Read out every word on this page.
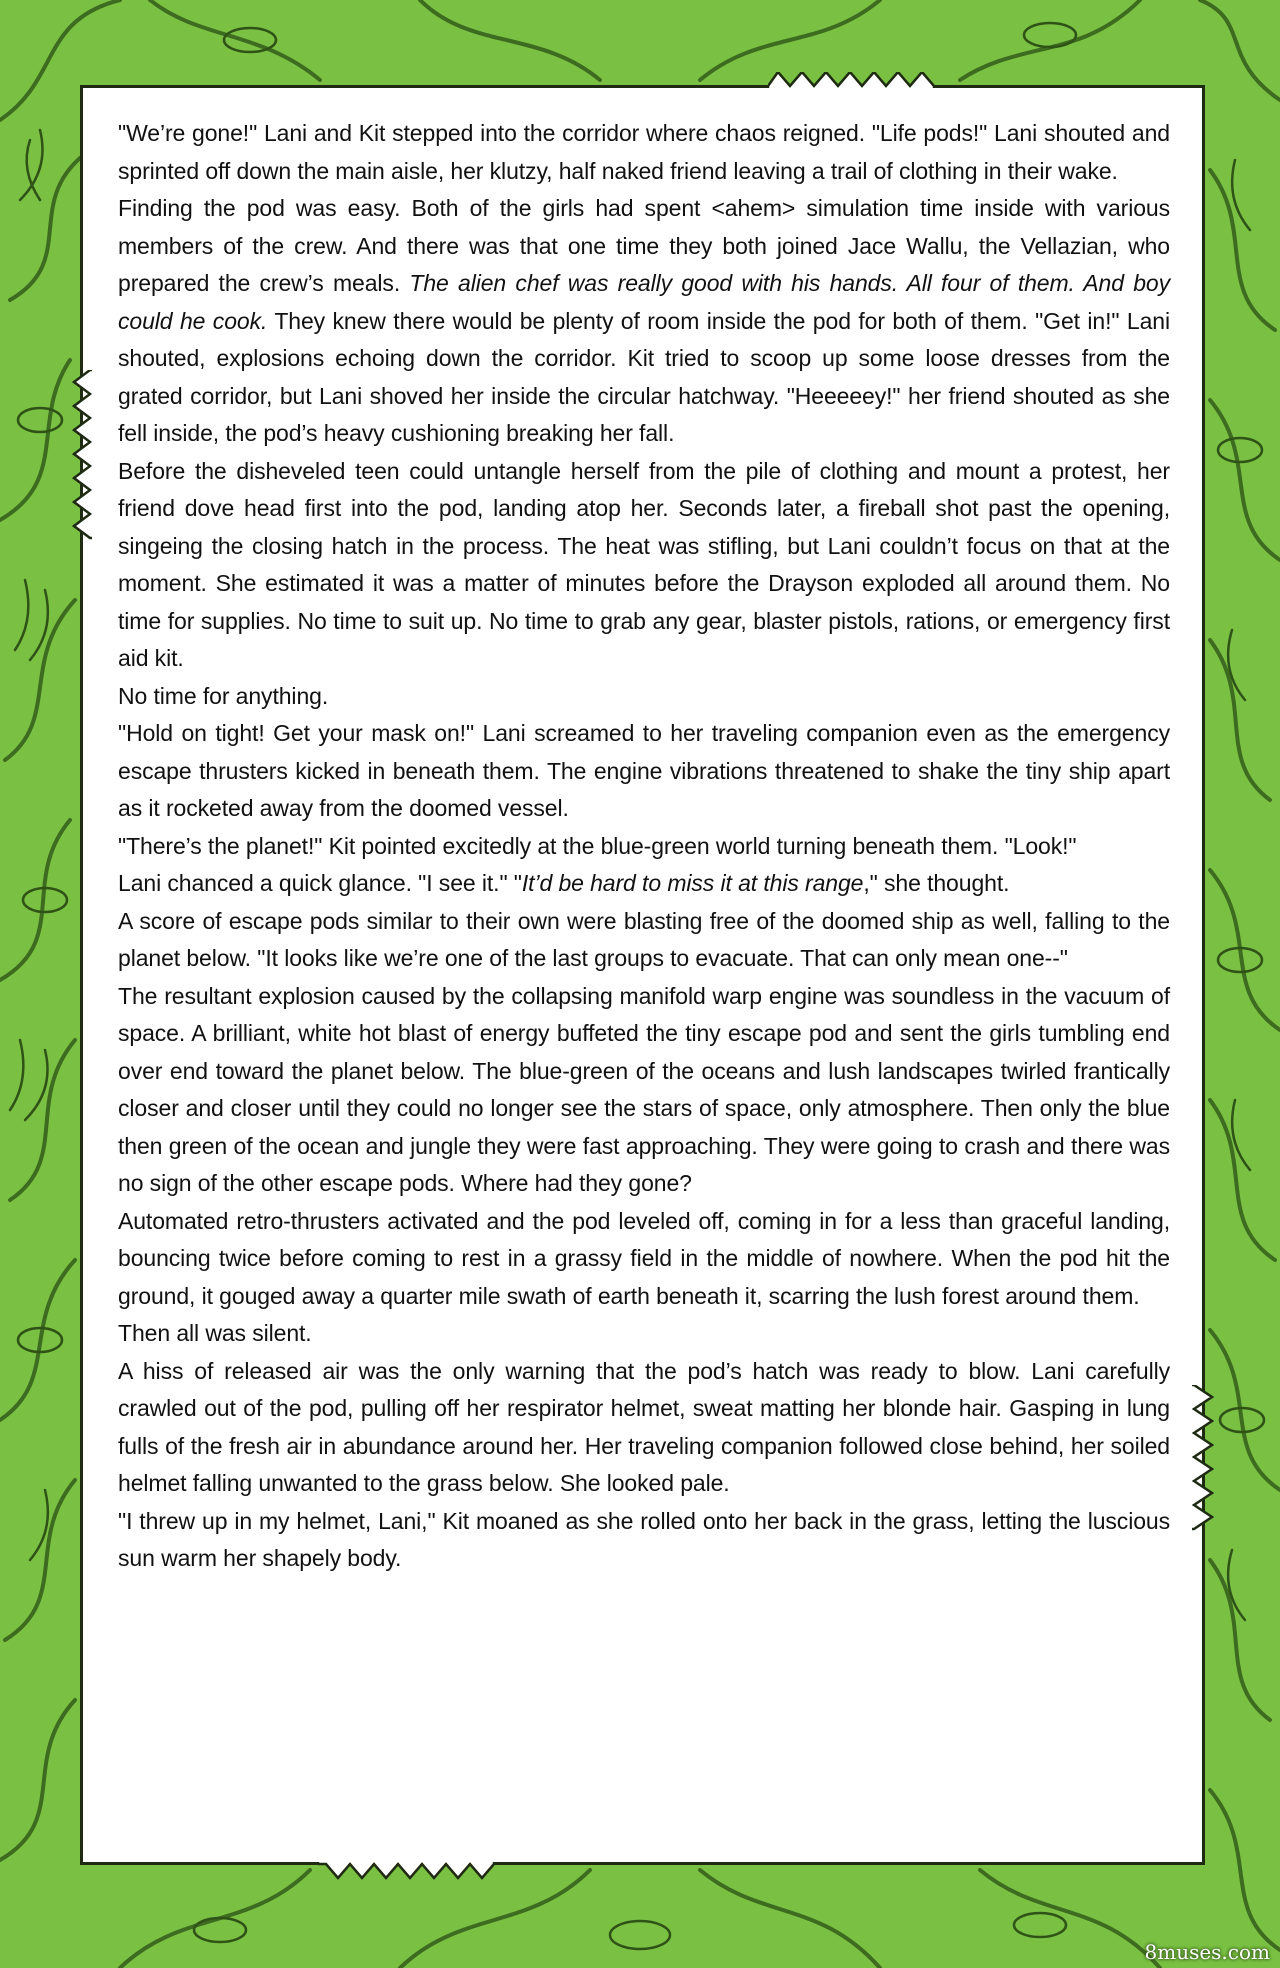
"We’re gone!" Lani and Kit stepped into the corridor where chaos reigned. "Life pods!" Lani shouted and sprinted off down the main aisle, her klutzy, half naked friend leaving a trail of clothing in their wake.

Finding the pod was easy. Both of the girls had spent <ahem> simulation time inside with various members of the crew. And there was that one time they both joined Jace Wallu, the Vellazian, who prepared the crew’s meals. The alien chef was really good with his hands. All four of them. And boy could he cook. They knew there would be plenty of room inside the pod for both of them. "Get in!" Lani shouted, explosions echoing down the corridor. Kit tried to scoop up some loose dresses from the grated corridor, but Lani shoved her inside the circular hatchway. "Heeeeey!" her friend shouted as she fell inside, the pod’s heavy cushioning breaking her fall.

Before the disheveled teen could untangle herself from the pile of clothing and mount a protest, her friend dove head first into the pod, landing atop her. Seconds later, a fireball shot past the opening, singeing the closing hatch in the process. The heat was stifling, but Lani couldn’t focus on that at the moment. She estimated it was a matter of minutes before the Drayson exploded all around them. No time for supplies. No time to suit up. No time to grab any gear, blaster pistols, rations, or emergency first aid kit.

No time for anything.

"Hold on tight! Get your mask on!" Lani screamed to her traveling companion even as the emergency escape thrusters kicked in beneath them. The engine vibrations threatened to shake the tiny ship apart as it rocketed away from the doomed vessel.

"There’s the planet!" Kit pointed excitedly at the blue-green world turning beneath them. "Look!"

Lani chanced a quick glance. "I see it." "It’d be hard to miss it at this range," she thought.

A score of escape pods similar to their own were blasting free of the doomed ship as well, falling to the planet below. "It looks like we’re one of the last groups to evacuate. That can only mean one--"

The resultant explosion caused by the collapsing manifold warp engine was soundless in the vacuum of space. A brilliant, white hot blast of energy buffeted the tiny escape pod and sent the girls tumbling end over end toward the planet below. The blue-green of the oceans and lush landscapes twirled frantically closer and closer until they could no longer see the stars of space, only atmosphere. Then only the blue then green of the ocean and jungle they were fast approaching. They were going to crash and there was no sign of the other escape pods. Where had they gone?

Automated retro-thrusters activated and the pod leveled off, coming in for a less than graceful landing, bouncing twice before coming to rest in a grassy field in the middle of nowhere. When the pod hit the ground, it gouged away a quarter mile swath of earth beneath it, scarring the lush forest around them.

Then all was silent.

A hiss of released air was the only warning that the pod’s hatch was ready to blow. Lani carefully crawled out of the pod, pulling off her respirator helmet, sweat matting her blonde hair. Gasping in lung fulls of the fresh air in abundance around her. Her traveling companion followed close behind, her soiled helmet falling unwanted to the grass below. She looked pale.

"I threw up in my helmet, Lani," Kit moaned as she rolled onto her back in the grass, letting the luscious sun warm her shapely body.

8muses.com
